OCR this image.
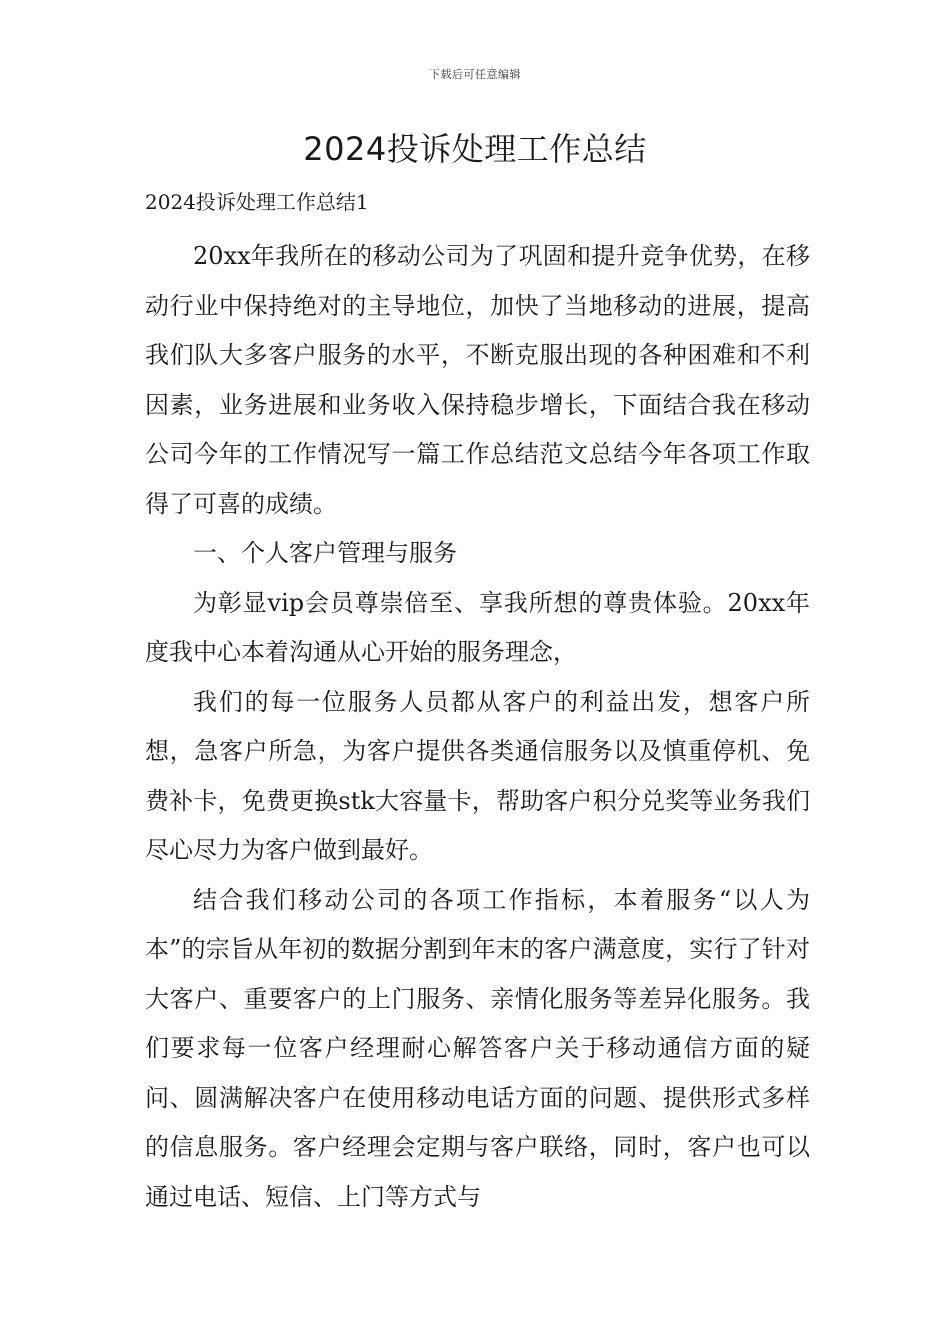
下载后可任意编辑
2024投诉处理工作总结

2024投诉处理工作总结1

20xx年我所在的移动公司为了巩固和提升竞争优势，在移动行业中保持绝对的主导地位，加快了当地移动的进展，提高我们队大多客户服务的水平，不断克服出现的各种困难和不利因素，业务进展和业务收入保持稳步增长，下面结合我在移动公司今年的工作情况写一篇工作总结范文总结今年各项工作取得了可喜的成绩。

一、个人客户管理与服务

为彰显vip会员尊崇倍至、享我所想的尊贵体验。20xx年度我中心本着沟通从心开始的服务理念，

我们的每一位服务人员都从客户的利益出发，想客户所想，急客户所急，为客户提供各类通信服务以及慎重停机、免费补卡，免费更换stk大容量卡，帮助客户积分兑奖等业务我们尽心尽力为客户做到最好。

结合我们移动公司的各项工作指标，本着服务“以人为本”的宗旨从年初的数据分割到年末的客户满意度，实行了针对大客户、重要客户的上门服务、亲情化服务等差异化服务。我们要求每一位客户经理耐心解答客户关于移动通信方面的疑问、圆满解决客户在使用移动电话方面的问题、提供形式多样的信息服务。客户经理会定期与客户联络，同时，客户也可以通过电话、短信、上门等方式与
